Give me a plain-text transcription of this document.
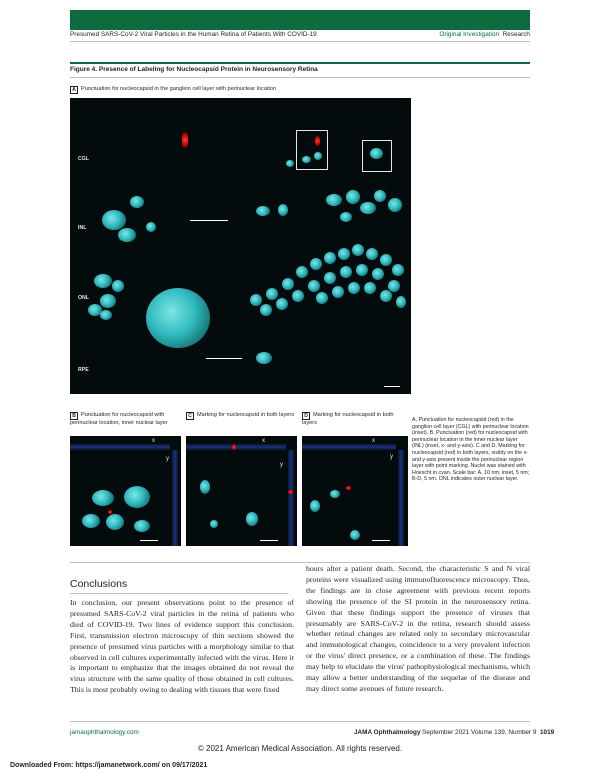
Presumed SARS-CoV-2 Viral Particles in the Human Retina of Patients With COVID-19	Original Investigation Research
Figure 4. Presence of Labeling for Nucleocapsid Protein in Neurosensory Retina
A Punctuation for nucleocapsid in the ganglion cell layer with perinuclear location
CGL
INL
ONL
RPE
B Punctuation for nucleocapsid with perinuclear location, inner nuclear layer
C Marking for nucleocapsid in both layers	D Marking for nucleocapsid in both layers
x
y
x
y
x
y
A, Punctuation for nucleocapsid (red) in the ganglion cell layer (CGL) with perinuclear location (inset). B, Punctuation (red) for nucleocapsid with perinuclear location in the inner nuclear layer (INL) (inset, x- and y-axis). C and D, Marking for nucleocapsid (red) in both layers, visibly on the x- and y-axis present inside the perinuclear region layer with point marking. Nuclei was stained with Hoescht in cyan. Scale bar: A, 10 nm; inset, 5 nm; B-D, 5 nm. ONL indicates outer nuclear layer.
Conclusions
In conclusion, our present observations point to the presence of presumed SARS-CoV-2 viral particles in the retina of patients who died of COVID-19. Two lines of evidence support this conclusion. First, transmission electron microscopy of thin sections showed the presence of presumed virus particles with a morphology similar to that observed in cell cultures experimentally infected with the virus. Here it is important to emphasize that the images obtained do not reveal the virus structure with the same quality of those obtained in cell cultures. This is most probably owing to dealing with tissues that were fixed
hours after a patient death. Second, the characteristic S and N viral proteins were visualized using immunofluorescence microscopy. Thus, the findings are in close agreement with previous recent reports showing the presence of the SI protein in the neurosensory retina. Given that these findings support the presence of viruses that presumably are SARS-CoV-2 in the retina, research should assess whether retinal changes are related only to secondary microvascular and immunological changes, coincidence to a very prevalent infection or the virus' direct presence, or a combination of these. The findings may help to elucidate the virus' pathophysiological mechanisms, which may allow a better understanding of the sequelae of the disease and may direct some avenues of future research.
jamaophthalmology.com	JAMA Ophthalmology September 2021 Volume 139, Number 9 1019
© 2021 American Medical Association. All rights reserved.
Downloaded From: https://jamanetwork.com/ on 09/17/2021
